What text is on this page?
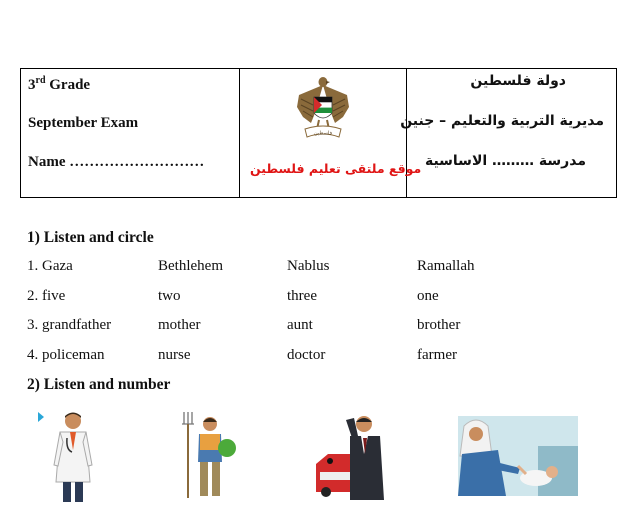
3rd Grade
September Exam
Name ………………………
فلسطين
موقع ملتقى تعليم فلسطين
دولة فلسطين
مديرية التربية والتعليم – جنين
مدرسة ……… الاساسية
1) Listen and circle
1. Gaza	Bethlehem	Nablus	Ramallah
2. five	two	three	one
3. grandfather	mother	aunt	brother
4. policeman	nurse	doctor	farmer
2) Listen and number
